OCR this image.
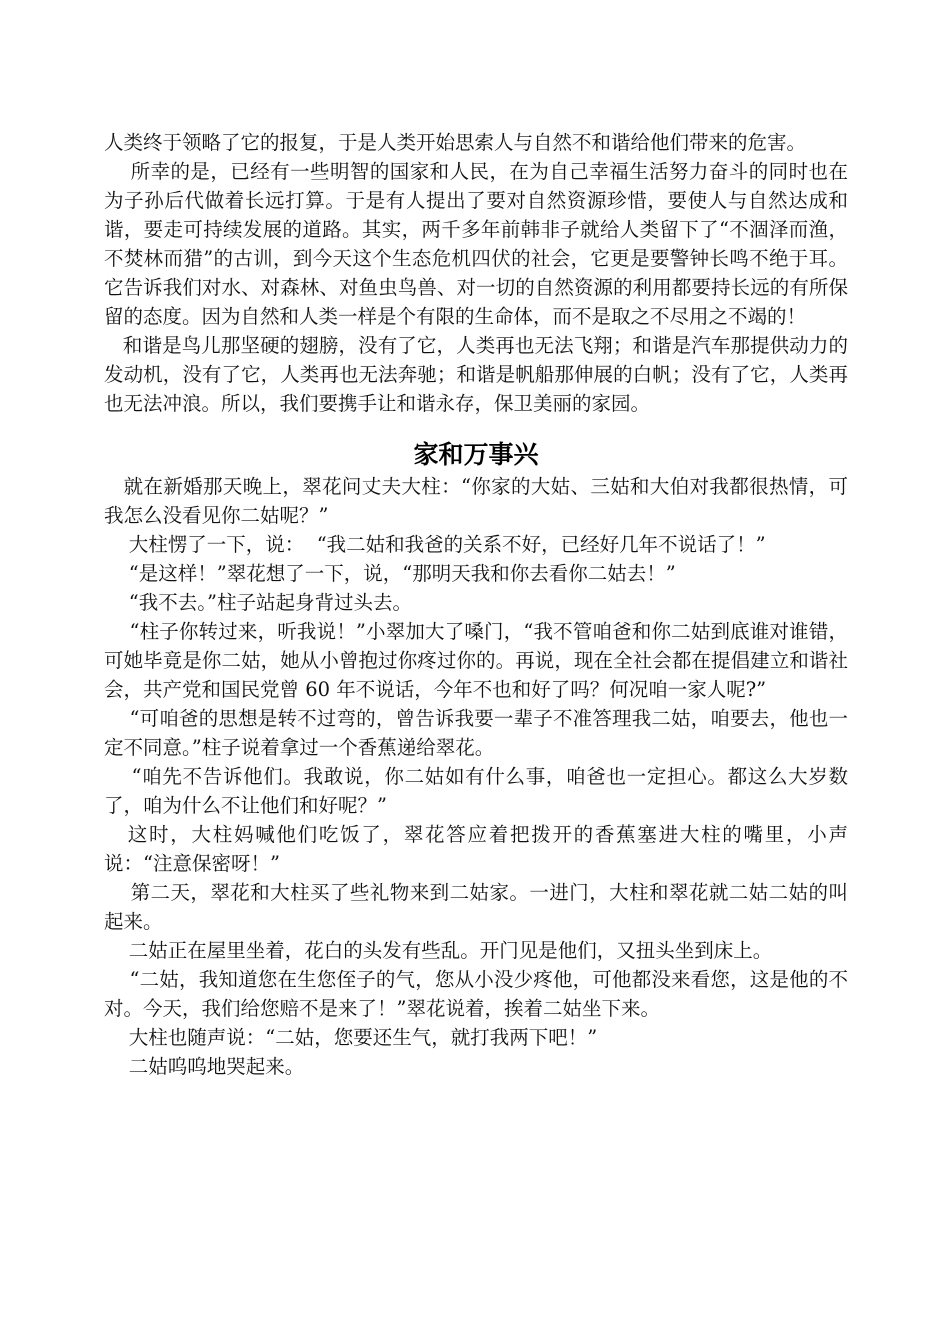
人类终于领略了它的报复，于是人类开始思索人与自然不和谐给他们带来的危害。

所幸的是，已经有一些明智的国家和人民，在为自己幸福生活努力奋斗的同时也在为子孙后代做着长远打算。于是有人提出了要对自然资源珍惜，要使人与自然达成和谐，要走可持续发展的道路。其实，两千多年前韩非子就给人类留下了“不涸泽而渔，不焚林而猎”的古训，到今天这个生态危机四伏的社会，它更是要警钟长鸣不绝于耳。它告诉我们对水、对森林、对鱼虫鸟兽、对一切的自然资源的利用都要持长远的有所保留的态度。因为自然和人类一样是个有限的生命体，而不是取之不尽用之不竭的！

和谐是鸟儿那坚硬的翅膀，没有了它，人类再也无法飞翔；和谐是汽车那提供动力的发动机，没有了它，人类再也无法奔驰；和谐是帆船那伸展的白帆；没有了它，人类再也无法冲浪。所以，我们要携手让和谐永存，保卫美丽的家园。

家和万事兴

就在新婚那天晚上，翠花问丈夫大柱：“你家的大姑、三姑和大伯对我都很热情，可我怎么没看见你二姑呢？”

大柱愣了一下，说：  “我二姑和我爸的关系不好，已经好几年不说话了！”

“是这样！”翠花想了一下，说，“那明天我和你去看你二姑去！”

“我不去。”柱子站起身背过头去。

“柱子你转过来，听我说！”小翠加大了嗓门，“我不管咱爸和你二姑到底谁对谁错，可她毕竟是你二姑，她从小曾抱过你疼过你的。再说，现在全社会都在提倡建立和谐社会，共产党和国民党曾 60 年不说话，今年不也和好了吗？何况咱一家人呢?”

“可咱爸的思想是转不过弯的，曾告诉我要一辈子不准答理我二姑，咱要去，他也一定不同意。”柱子说着拿过一个香蕉递给翠花。

“咱先不告诉他们。我敢说，你二姑如有什么事，咱爸也一定担心。都这么大岁数了，咱为什么不让他们和好呢？”

这时，大柱妈喊他们吃饭了，翠花答应着把拨开的香蕉塞进大柱的嘴里，小声说：“注意保密呀！”

第二天，翠花和大柱买了些礼物来到二姑家。一进门，大柱和翠花就二姑二姑的叫起来。

二姑正在屋里坐着，花白的头发有些乱。开门见是他们，又扭头坐到床上。

“二姑，我知道您在生您侄子的气，您从小没少疼他，可他都没来看您，这是他的不对。今天，我们给您赔不是来了！”翠花说着，挨着二姑坐下来。

大柱也随声说：“二姑，您要还生气，就打我两下吧！”

二姑呜呜地哭起来。
